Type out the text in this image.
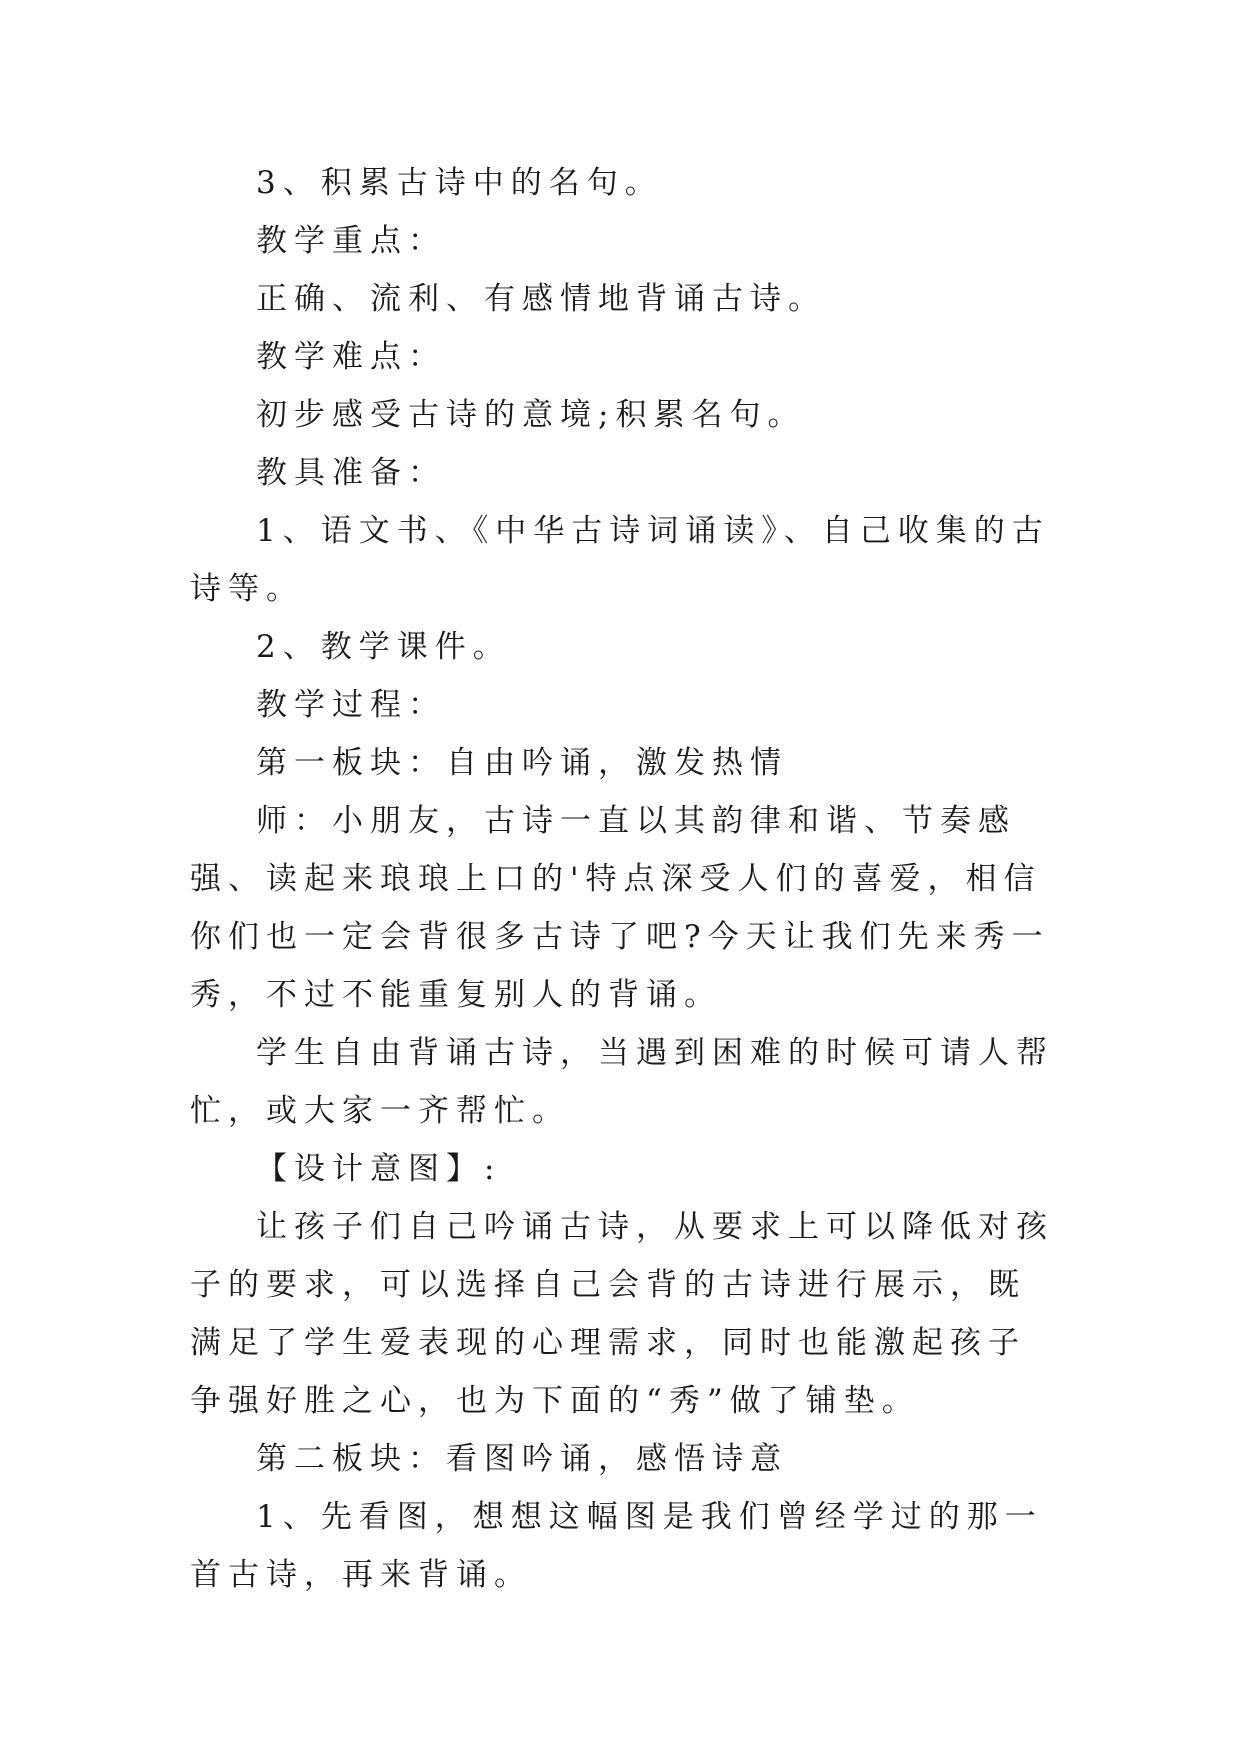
3、积累古诗中的名句。

教学重点：

正确、流利、有感情地背诵古诗。

教学难点：

初步感受古诗的意境;积累名句。

教具准备：

1、语文书、《中华古诗词诵读》、自己收集的古诗等。

2、教学课件。

教学过程：

第一板块：自由吟诵，激发热情

师：小朋友，古诗一直以其韵律和谐、节奏感强、读起来琅琅上口的'特点深受人们的喜爱，相信你们也一定会背很多古诗了吧?今天让我们先来秀一秀，不过不能重复别人的背诵。

学生自由背诵古诗，当遇到困难的时候可请人帮忙，或大家一齐帮忙。

【设计意图】:

让孩子们自己吟诵古诗，从要求上可以降低对孩子的要求，可以选择自己会背的古诗进行展示，既满足了学生爱表现的心理需求，同时也能激起孩子争强好胜之心，也为下面的“秀”做了铺垫。

第二板块：看图吟诵，感悟诗意

1、先看图，想想这幅图是我们曾经学过的那一首古诗，再来背诵。
